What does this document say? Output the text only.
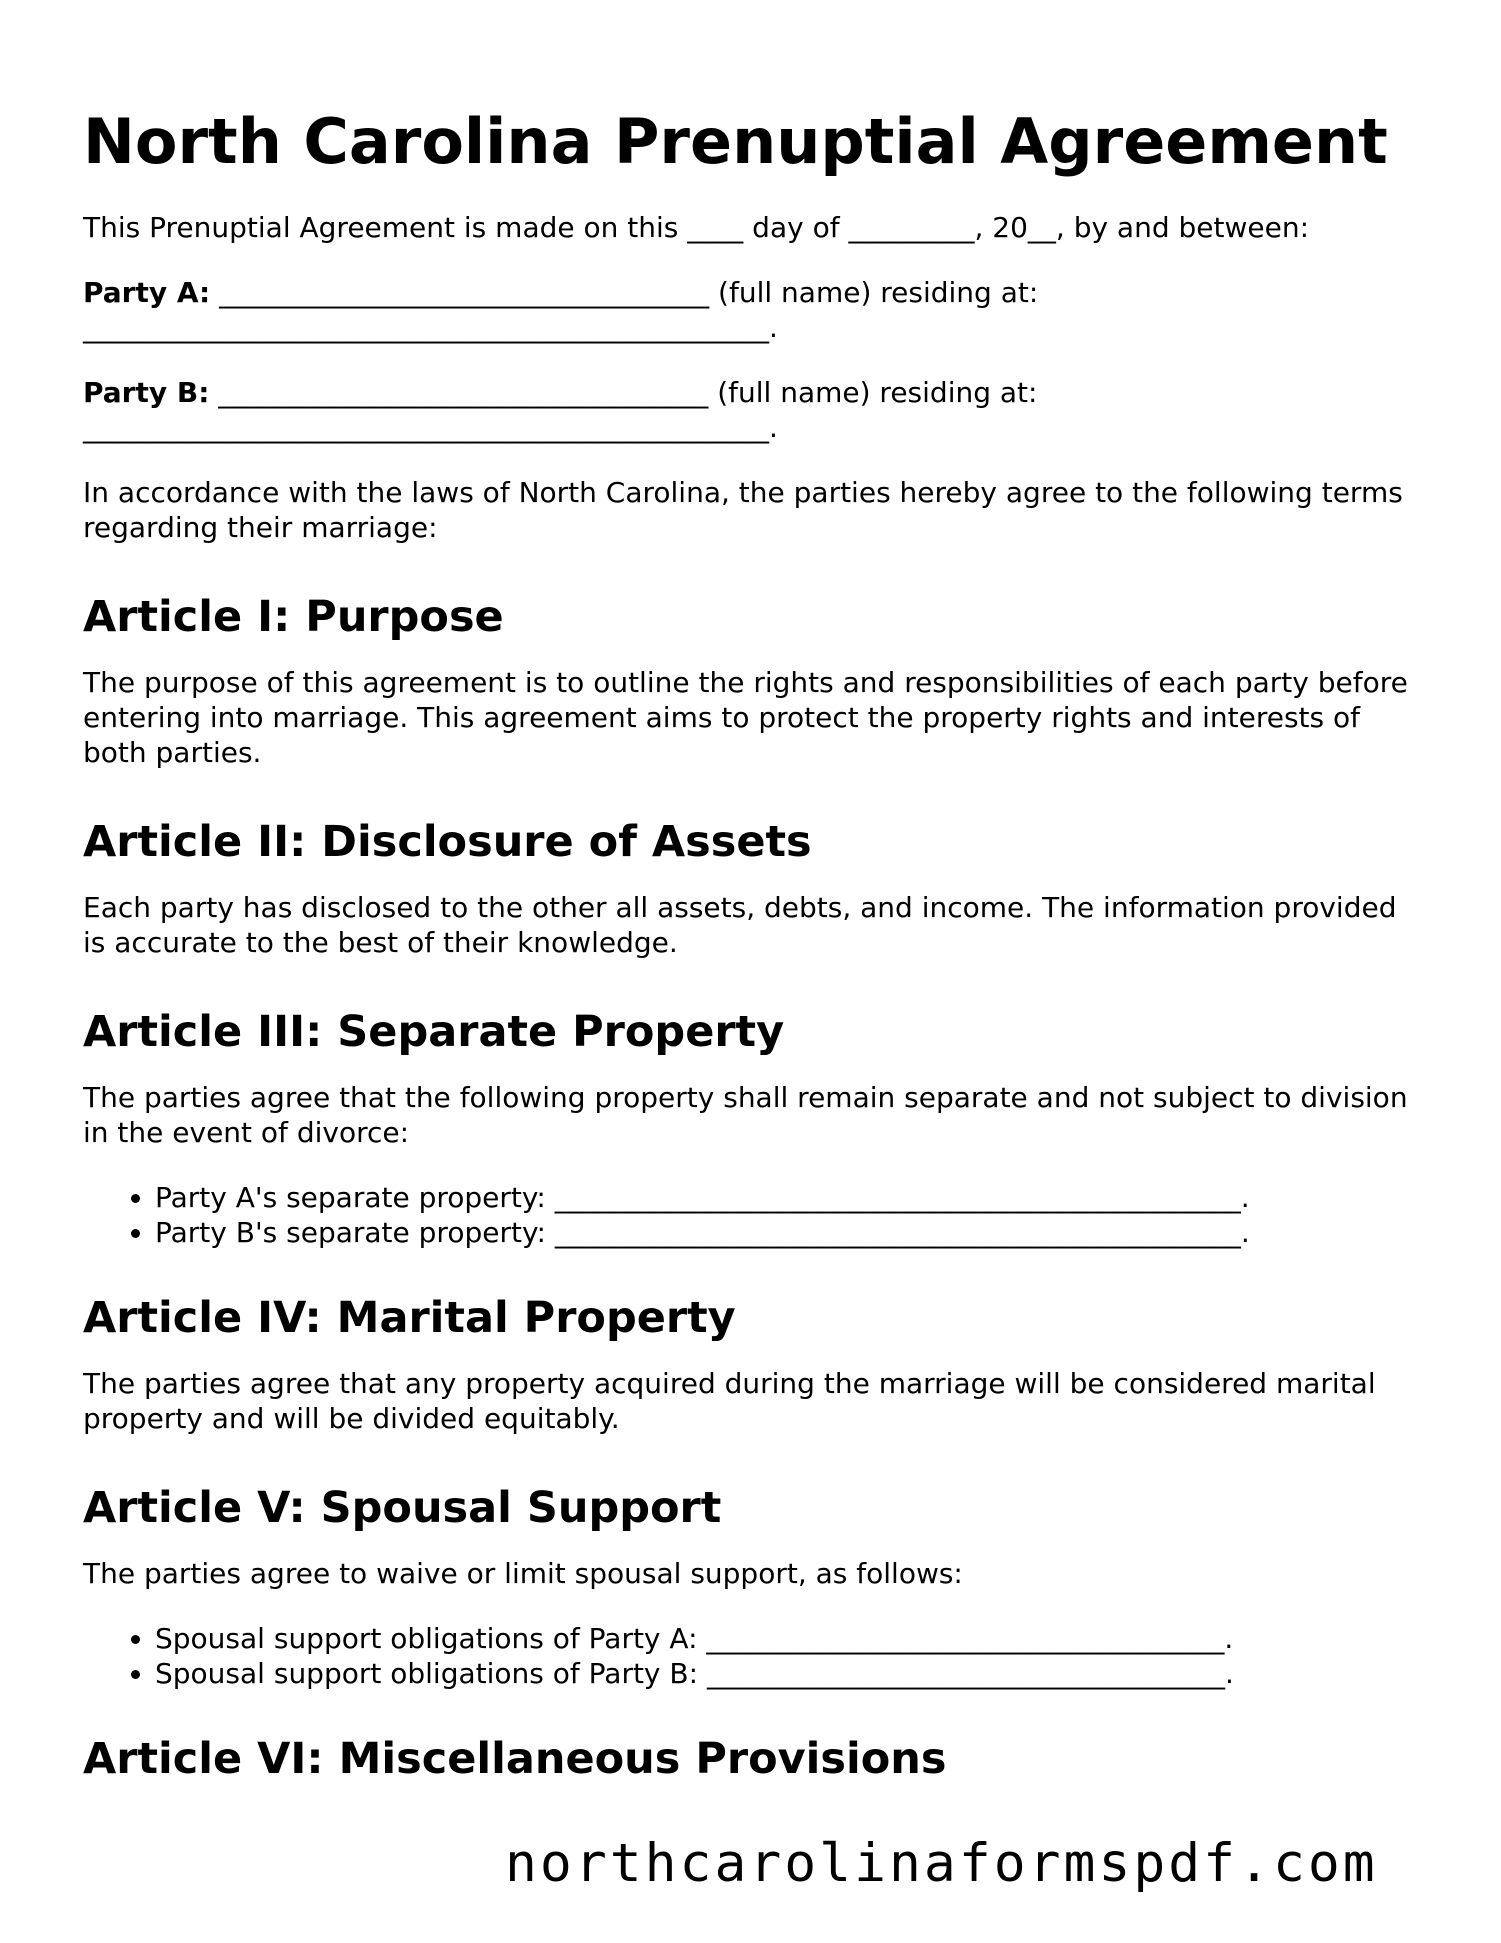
North Carolina Prenuptial Agreement

This Prenuptial Agreement is made on this ____ day of _________, 20__, by and between:

Party A: ___________________________________ (full name) residing at:
_________________________________________________.

Party B: ___________________________________ (full name) residing at:
_________________________________________________.

In accordance with the laws of North Carolina, the parties hereby agree to the following terms regarding their marriage:

Article I: Purpose

The purpose of this agreement is to outline the rights and responsibilities of each party before entering into marriage. This agreement aims to protect the property rights and interests of both parties.

Article II: Disclosure of Assets

Each party has disclosed to the other all assets, debts, and income. The information provided is accurate to the best of their knowledge.

Article III: Separate Property

The parties agree that the following property shall remain separate and not subject to division in the event of divorce:

• Party A's separate property: _________________________________________________.
• Party B's separate property: _________________________________________________.
Article IV: Marital Property

The parties agree that any property acquired during the marriage will be considered marital property and will be divided equitably.

Article V: Spousal Support

The parties agree to waive or limit spousal support, as follows:

• Spousal support obligations of Party A: _____________________________________.
• Spousal support obligations of Party B: _____________________________________.
Article VI: Miscellaneous Provisions
northcarolinaformspdf.com
